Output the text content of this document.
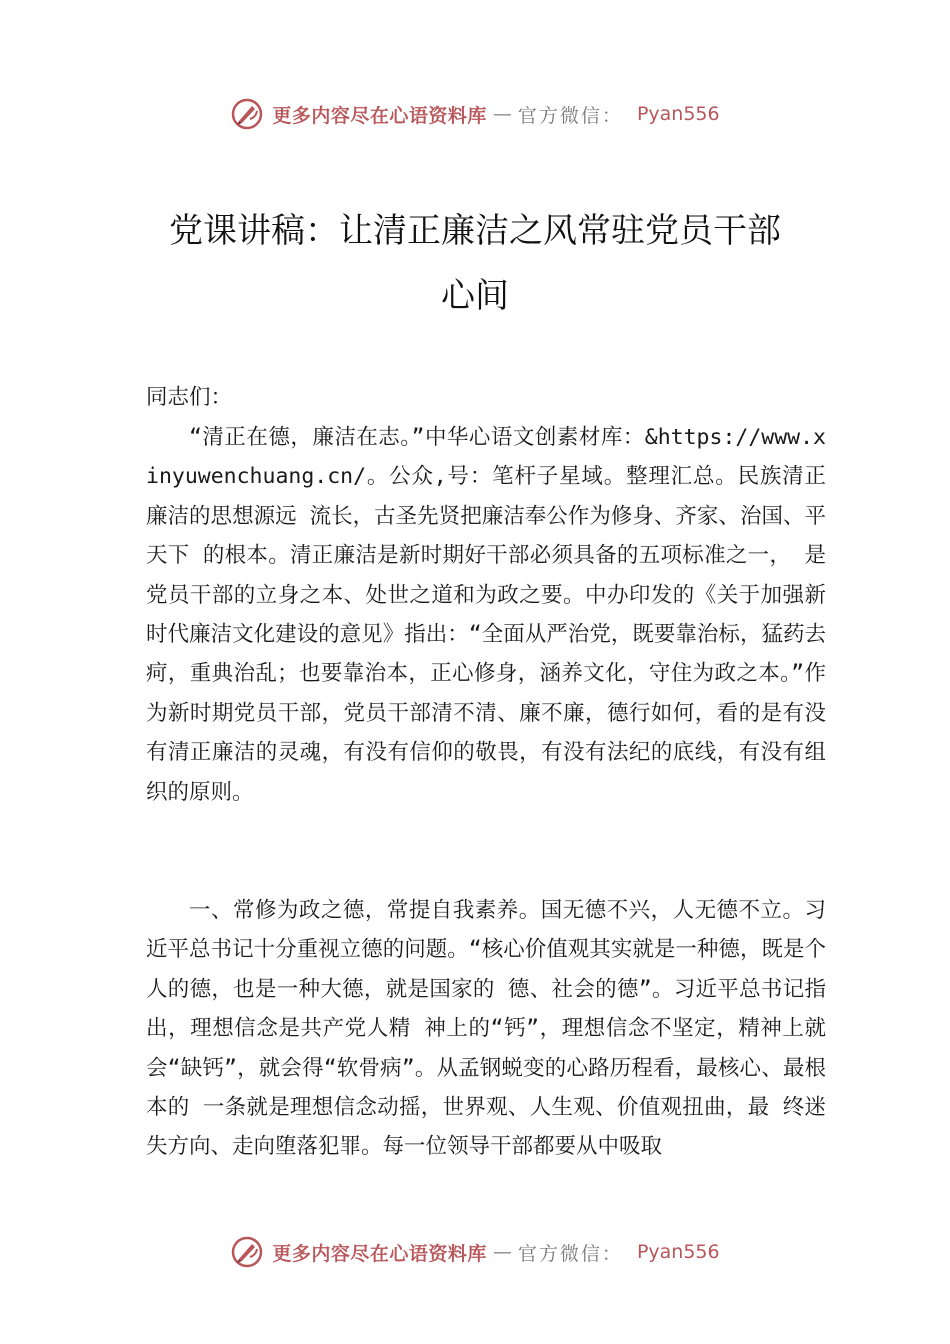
更多内容尽在心语资料库 — 官方微信： Pyan556
党课讲稿：让清正廉洁之风常驻党员干部
心间
同志们：

“清正在德，廉洁在志。”中华心语文创素材库：&https://www.xinyuwenchuang.cn/。公众,号：笔杆子星域。整理汇总。民族清正廉洁的思想源远 流长，古圣先贤把廉洁奉公作为修身、齐家、治国、平天下 的根本。清正廉洁是新时期好干部必须具备的五项标准之一， 是党员干部的立身之本、处世之道和为政之要。中办印发的《关于加强新时代廉洁文化建设的意见》指出：“全面从严治党，既要靠治标，猛药去疴，重典治乱；也要靠治本，正心修身，涵养文化，守住为政之本。”作为新时期党员干部，党员干部清不清、廉不廉，德行如何，看的是有没有清正廉洁的灵魂，有没有信仰的敬畏，有没有法纪的底线，有没有组织的原则。

一、常修为政之德，常提自我素养。国无德不兴，人无德不立。习近平总书记十分重视立德的问题。“核心价值观其实就是一种德，既是个人的德，也是一种大德，就是国家的 德、社会的德”。习近平总书记指出，理想信念是共产党人精 神上的“钙”，理想信念不坚定，精神上就会“缺钙”，就会得“软骨病”。从孟钢蜕变的心路历程看，最核心、最根本的 一条就是理想信念动摇，世界观、人生观、价值观扭曲，最 终迷失方向、走向堕落犯罪。每一位领导干部都要从中吸取

更多内容尽在心语资料库 — 官方微信： Pyan556
